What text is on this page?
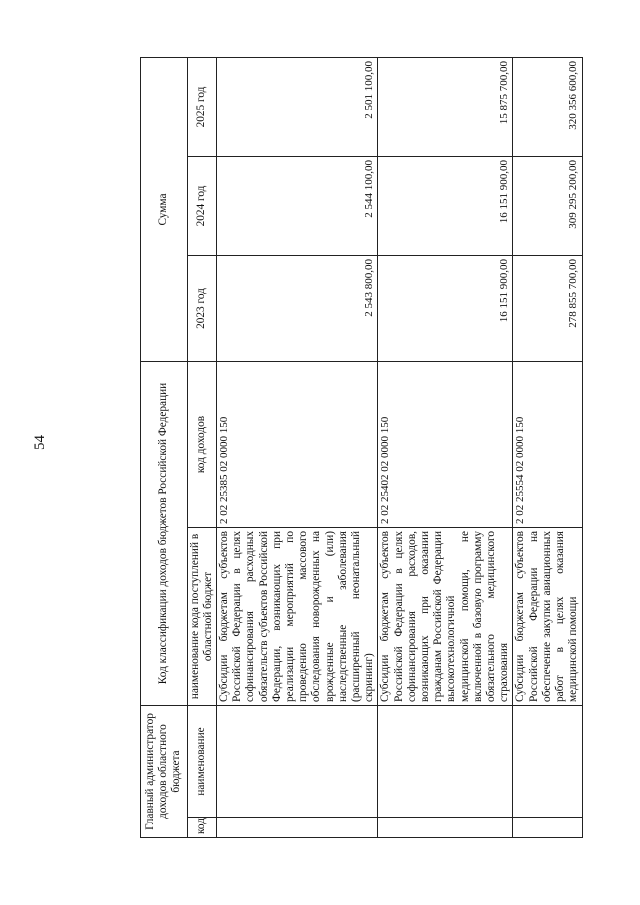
54
Главный администратор доходов областного бюджета		Код классификации доходов бюджетов Российской Федерации		Сумма		

код	наименование	наименование кода поступлений в областной бюджет	код доходов	2023 год	2024 год	2025 год
		Субсидии бюджетам субъектов Российской Федерации в целях софинансирования расходных обязательств субъектов Российской Федерации, возникающих при реализации мероприятий по проведению массового обследования новорожденных на врожденные и (или) наследственные заболевания (расширенный неонатальный скрининг)	2 02 25385 02 0000 150	2 543 800,00	2 544 100,00	2 501 100,00
		Субсидии бюджетам субъектов Российской Федерации в целях софинансирования расходов, возникающих при оказании гражданам Российской Федерации высокотехнологичной медицинской помощи, не включенной в базовую программу обязательного медицинского страхования	2 02 25402 02 0000 150	16 151 900,00	16 151 900,00	15 875 700,00
		Субсидии бюджетам субъектов Российской Федерации на обеспечение закупки авиационных работ в целях оказания медицинской помощи	2 02 25554 02 0000 150	278 855 700,00	309 295 200,00	320 356 600,00
